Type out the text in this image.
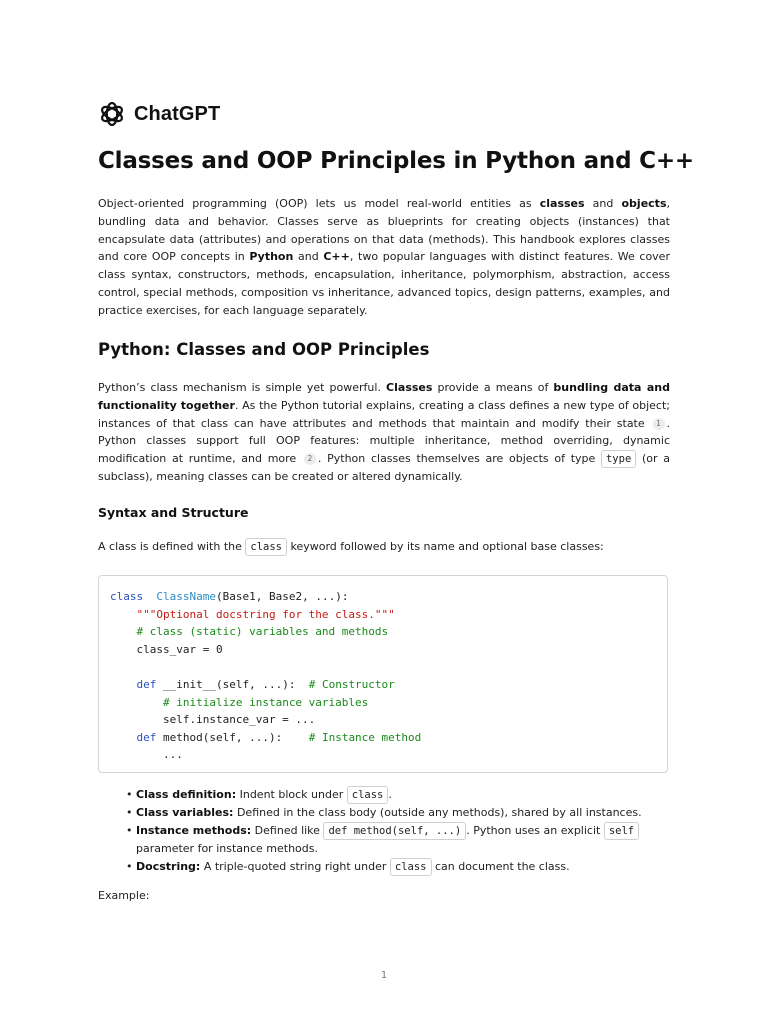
ChatGPT
Classes and OOP Principles in Python and C++

Object-oriented programming (OOP) lets us model real-world entities as classes and objects, bundling data and behavior. Classes serve as blueprints for creating objects (instances) that encapsulate data (attributes) and operations on that data (methods). This handbook explores classes and core OOP concepts in Python and C++, two popular languages with distinct features. We cover class syntax, constructors, methods, encapsulation, inheritance, polymorphism, abstraction, access control, special methods, composition vs inheritance, advanced topics, design patterns, examples, and practice exercises, for each language separately.

Python: Classes and OOP Principles

Python’s class mechanism is simple yet powerful. Classes provide a means of bundling data and functionality together. As the Python tutorial explains, creating a class defines a new type of object; instances of that class can have attributes and methods that maintain and modify their state 1 . Python classes support full OOP features: multiple inheritance, method overriding, dynamic modification at runtime, and more 2 . Python classes themselves are objects of type type (or a subclass), meaning classes can be created or altered dynamically.

Syntax and Structure

A class is defined with the class keyword followed by its name and optional base classes:

class ClassName(Base1, Base2, ...):
"""Optional docstring for the class."""
# class (static) variables and methods
class_var = 0

def __init__(self, ...):  # Constructor
# initialize instance variables
self.instance_var = ...
def method(self, ...):    # Instance method
...
• Class definition: Indent block under class .
• Class variables: Defined in the class body (outside any methods), shared by all instances.
• Instance methods: Defined like def method(self, ...) . Python uses an explicit self parameter for instance methods.
• Docstring: A triple-quoted string right under class can document the class.

Example:

1
